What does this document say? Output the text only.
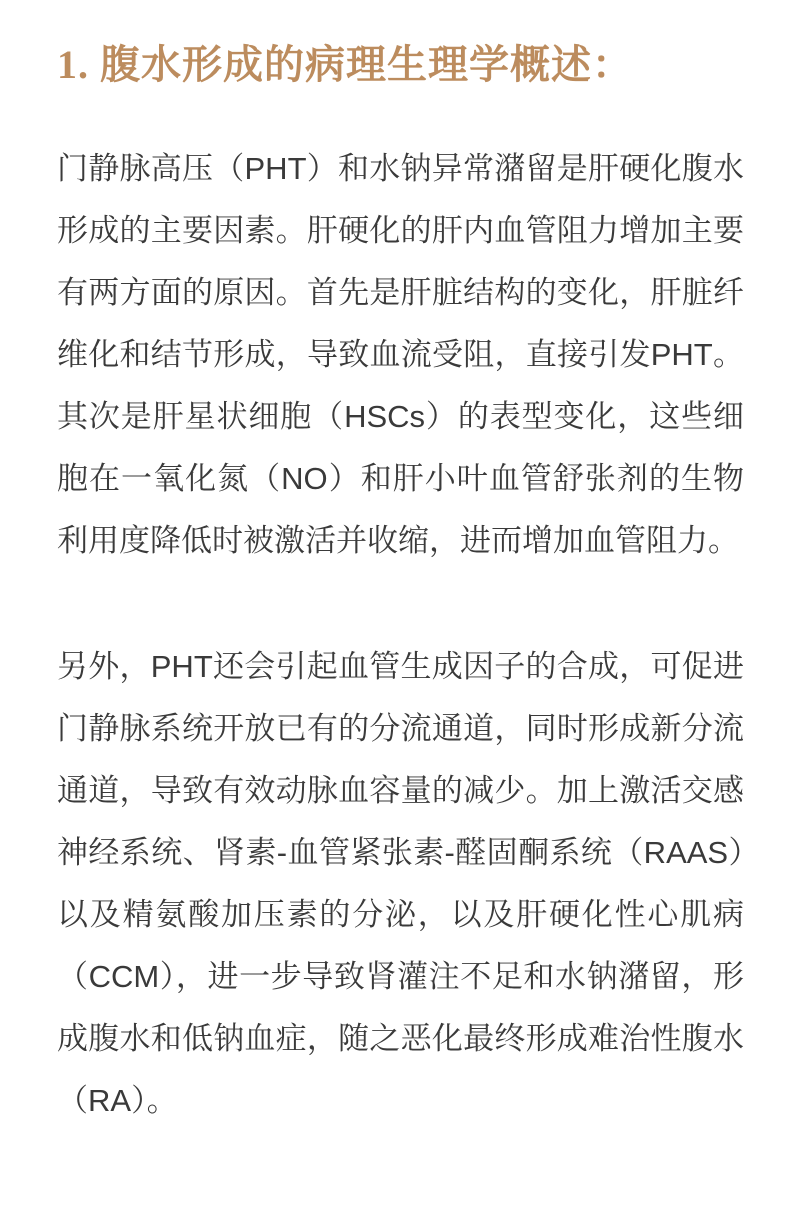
1. 腹水形成的病理生理学概述：

门静脉高压（PHT）和水钠异常潴留是肝硬化腹水形成的主要因素。肝硬化的肝内血管阻力增加主要有两方面的原因。首先是肝脏结构的变化，肝脏纤维化和结节形成，导致血流受阻，直接引发PHT。其次是肝星状细胞（HSCs）的表型变化，这些细胞在一氧化氮（NO）和肝小叶血管舒张剂的生物利用度降低时被激活并收缩，进而增加血管阻力。

另外，PHT还会引起血管生成因子的合成，可促进门静脉系统开放已有的分流通道，同时形成新分流通道，导致有效动脉血容量的减少。加上激活交感神经系统、肾素-血管紧张素-醛固酮系统（RAAS）以及精氨酸加压素的分泌，以及肝硬化性心肌病（CCM），进一步导致肾灌注不足和水钠潴留，形成腹水和低钠血症，随之恶化最终形成难治性腹水（RA）。
